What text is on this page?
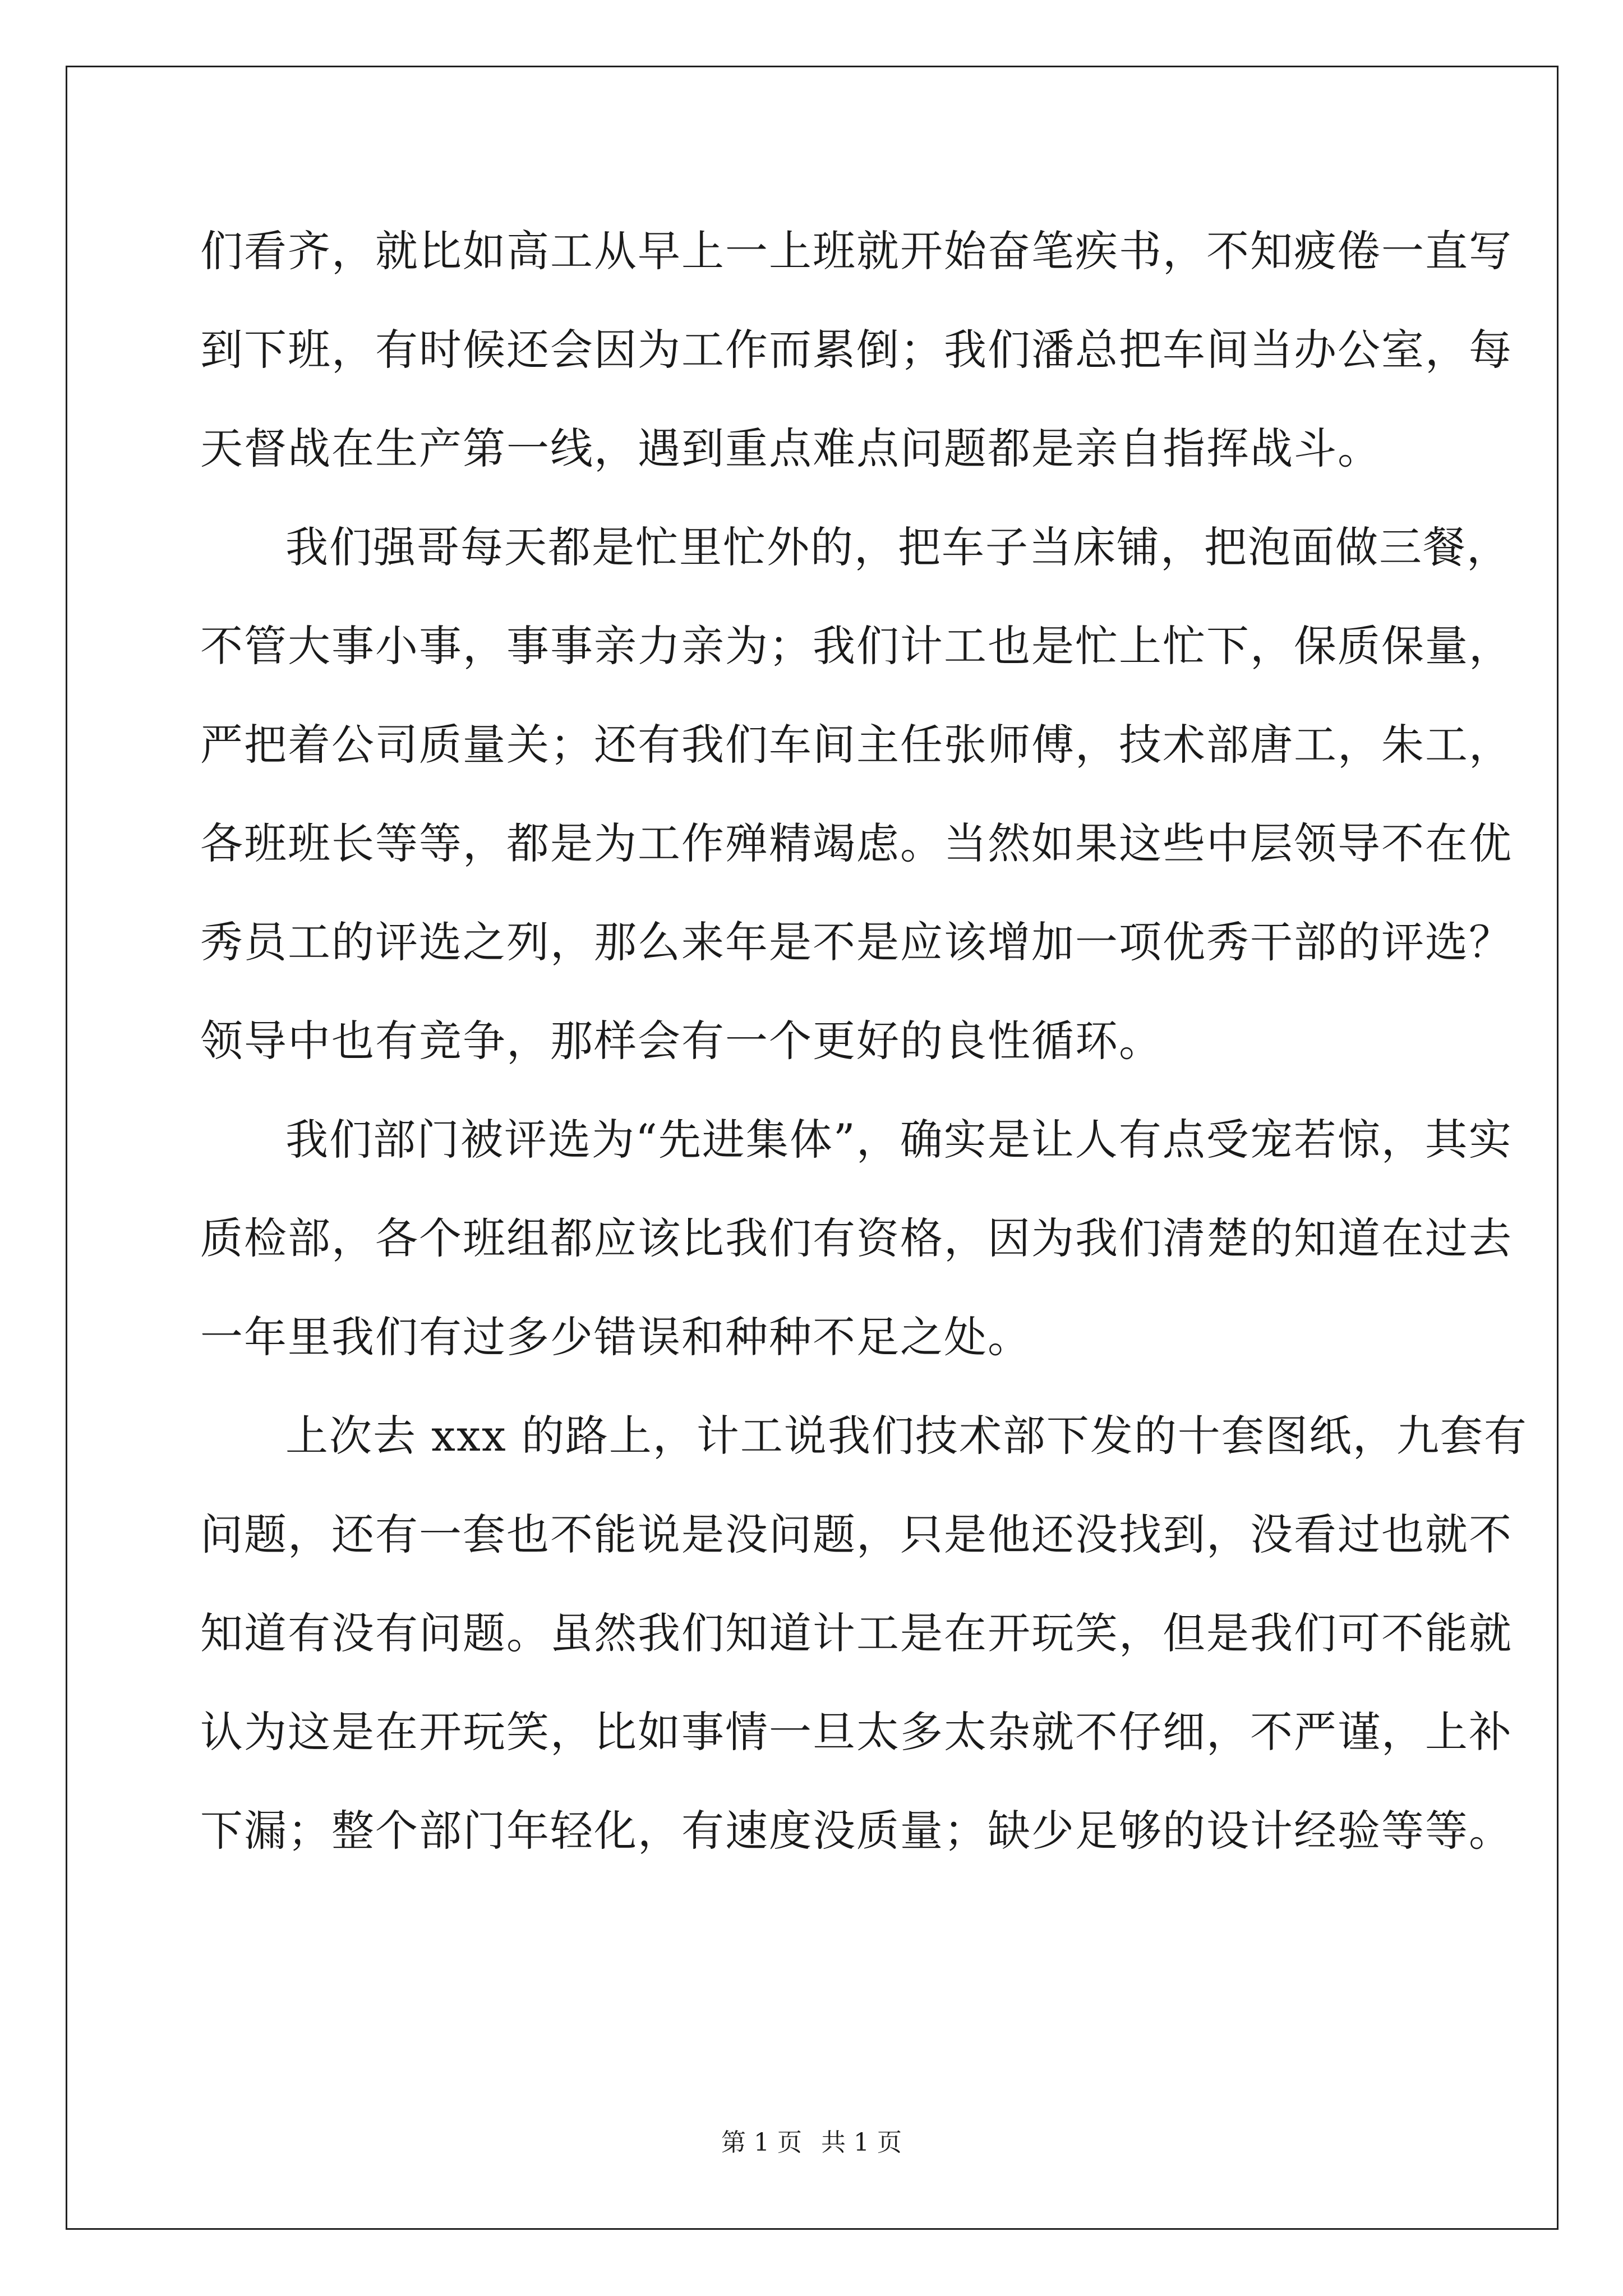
们看齐，就比如高工从早上一上班就开始奋笔疾书，不知疲倦一直写
到下班，有时候还会因为工作而累倒；我们潘总把车间当办公室，每
天督战在生产第一线，遇到重点难点问题都是亲自指挥战斗。
我们强哥每天都是忙里忙外的，把车子当床铺，把泡面做三餐，
不管大事小事，事事亲力亲为；我们计工也是忙上忙下，保质保量，
严把着公司质量关；还有我们车间主任张师傅，技术部唐工，朱工，
各班班长等等，都是为工作殚精竭虑。当然如果这些中层领导不在优
秀员工的评选之列，那么来年是不是应该增加一项优秀干部的评选？
领导中也有竞争，那样会有一个更好的良性循环。
我们部门被评选为“先进集体”，确实是让人有点受宠若惊，其实
质检部，各个班组都应该比我们有资格，因为我们清楚的知道在过去
一年里我们有过多少错误和种种不足之处。
上次去 xxx 的路上，计工说我们技术部下发的十套图纸，九套有
问题，还有一套也不能说是没问题，只是他还没找到，没看过也就不
知道有没有问题。虽然我们知道计工是在开玩笑，但是我们可不能就
认为这是在开玩笑，比如事情一旦太多太杂就不仔细，不严谨，上补
下漏；整个部门年轻化，有速度没质量；缺少足够的设计经验等等。
第 1 页 共 1 页
